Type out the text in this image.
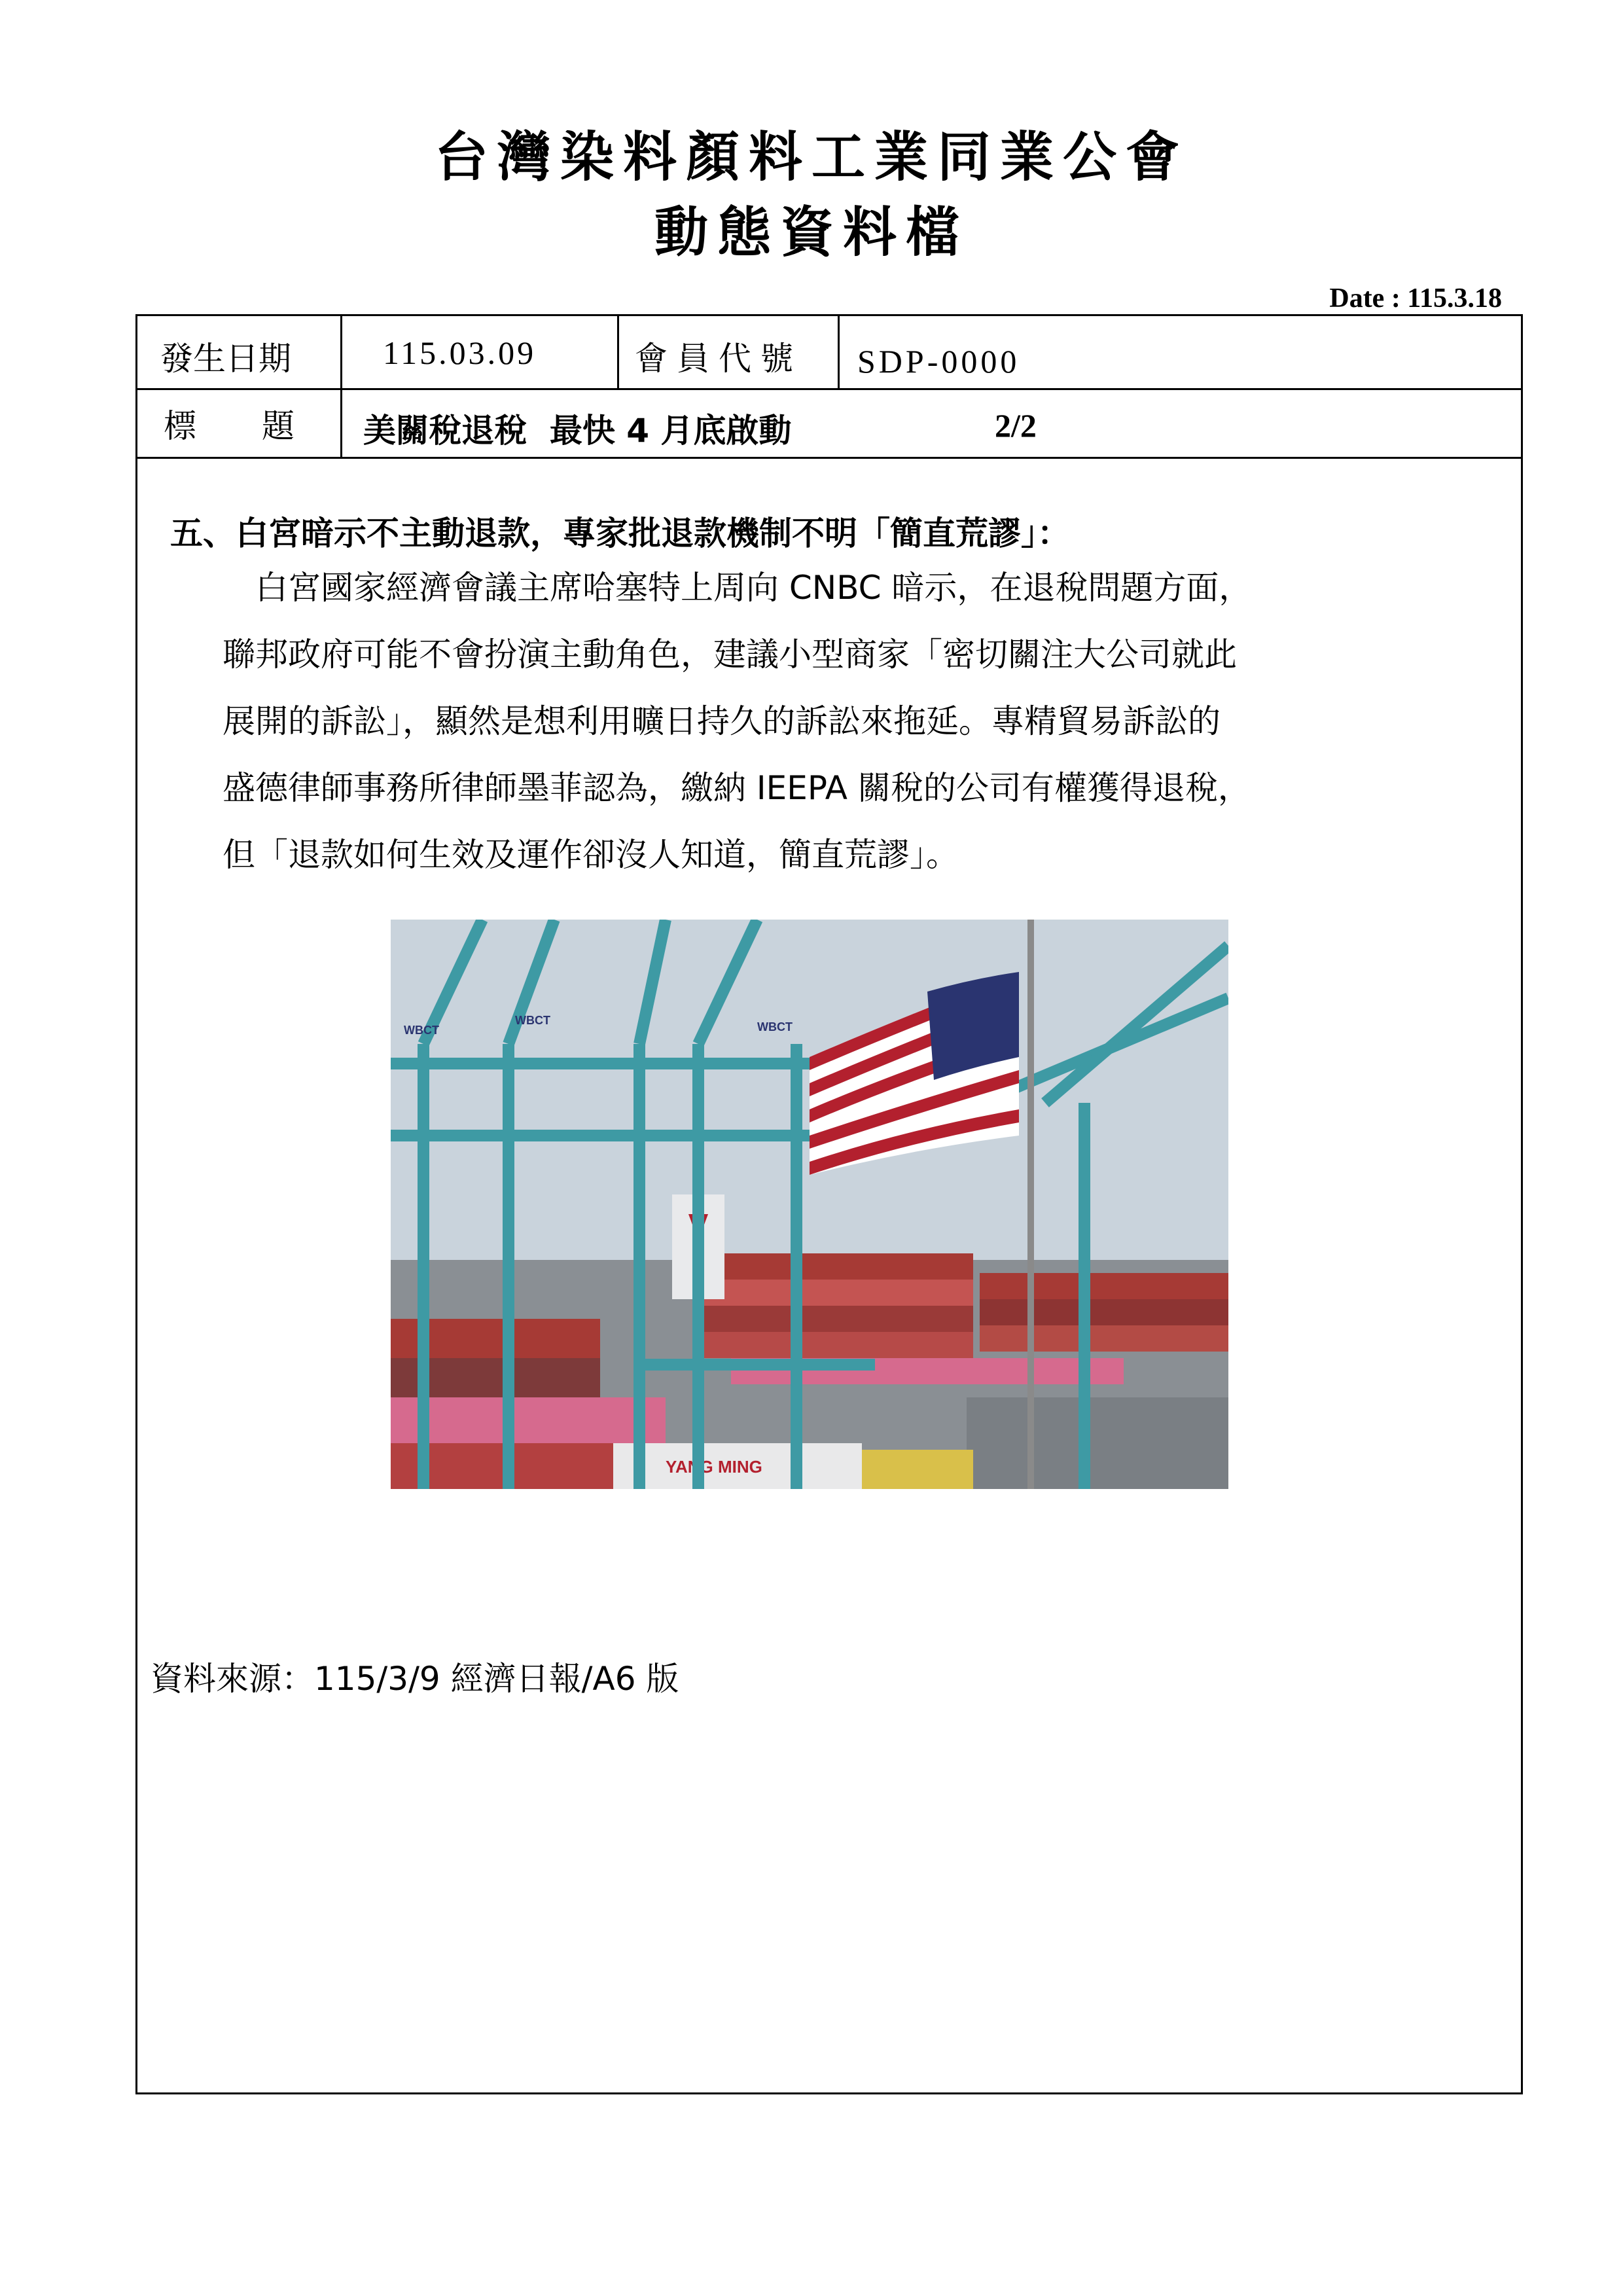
台灣染料顏料工業同業公會
動態資料檔
Date : 115.3.18
發生日期	115.03.09	會員代號 SDP-0000
標　　題 美關稅退稅  最快 4 月底啟動	2/2

五、白宮暗示不主動退款，專家批退款機制不明「簡直荒謬」：

　白宮國家經濟會議主席哈塞特上周向 CNBC 暗示，在退稅問題方面，
聯邦政府可能不會扮演主動角色，建議小型商家「密切關注大公司就此
展開的訴訟」，顯然是想利用曠日持久的訴訟來拖延。專精貿易訴訟的
盛德律師事務所律師墨菲認為，繳納 IEEPA 關稅的公司有權獲得退稅，
但「退款如何生效及運作卻沒人知道，簡直荒謬」。

YANG MING
WBCT
WBCT	WBCT
資料來源：115/3/9 經濟日報/A6 版
